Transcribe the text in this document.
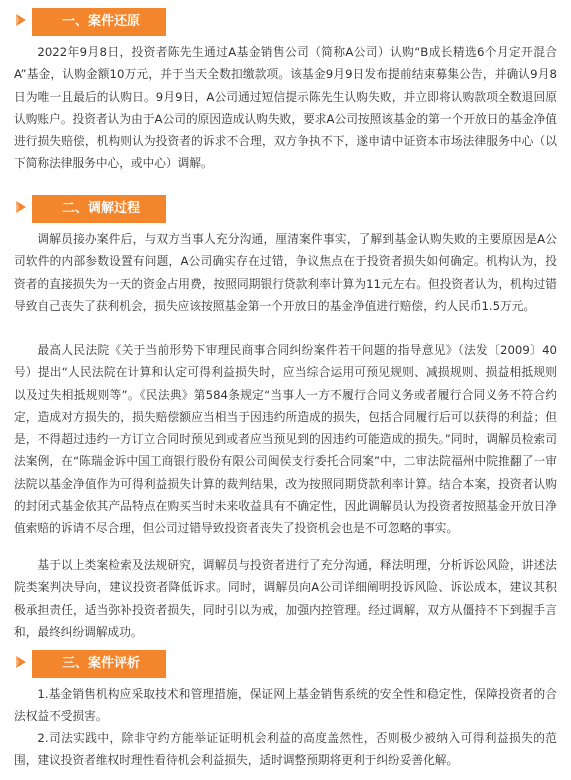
一、案件还原

2022年9月8日，投资者陈先生通过A基金销售公司（简称A公司）认购“B成长精选6个月定开混合A”基金，认购金额10万元，并于当天全数扣缴款项。该基金9月9日发布提前结束募集公告，并确认9月8日为唯一且最后的认购日。9月9日，A公司通过短信提示陈先生认购失败，并立即将认购款项全数退回原认购账户。投资者认为由于A公司的原因造成认购失败，要求A公司按照该基金的第一个开放日的基金净值进行损失赔偿，机构则认为投资者的诉求不合理，双方争执不下，遂申请中证资本市场法律服务中心（以下简称法律服务中心，或中心）调解。

二、调解过程

调解员接办案件后，与双方当事人充分沟通，厘清案件事实，了解到基金认购失败的主要原因是A公司软件的内部参数设置有问题，A公司确实存在过错，争议焦点在于投资者损失如何确定。机构认为，投资者的直接损失为一天的资金占用费，按照同期银行贷款利率计算为11元左右。但投资者认为，机构过错导致自己丧失了获利机会，损失应该按照基金第一个开放日的基金净值进行赔偿，约人民币1.5万元。

最高人民法院《关于当前形势下审理民商事合同纠纷案件若干问题的指导意见》（法发〔2009〕40号）提出“人民法院在计算和认定可得利益损失时，应当综合运用可预见规则、减损规则、损益相抵规则以及过失相抵规则等”。《民法典》第584条规定“当事人一方不履行合同义务或者履行合同义务不符合约定，造成对方损失的，损失赔偿额应当相当于因违约所造成的损失，包括合同履行后可以获得的利益；但是，不得超过违约一方订立合同时预见到或者应当预见到的因违约可能造成的损失。”同时，调解员检索司法案例，在“陈瑞金诉中国工商银行股份有限公司闽侯支行委托合同案”中，二审法院福州中院推翻了一审法院以基金净值作为可得利益损失计算的裁判结果，改为按照同期贷款利率计算。结合本案，投资者认购的封闭式基金依其产品特点在购买当时未来收益具有不确定性，因此调解员认为投资者按照基金开放日净值索赔的诉请不尽合理，但公司过错导致投资者丧失了投资机会也是不可忽略的事实。

基于以上类案检索及法规研究，调解员与投资者进行了充分沟通，释法明理，分析诉讼风险，讲述法院类案判决导向，建议投资者降低诉求。同时，调解员向A公司详细阐明投诉风险、诉讼成本，建议其积极承担责任，适当弥补投资者损失，同时引以为戒，加强内控管理。经过调解，双方从僵持不下到握手言和，最终纠纷调解成功。

三、案件评析

1.基金销售机构应采取技术和管理措施，保证网上基金销售系统的安全性和稳定性，保障投资者的合法权益不受损害。

2.司法实践中，除非守约方能举证证明机会利益的高度盖然性，否则极少被纳入可得利益损失的范围，建议投资者维权时理性看待机会利益损失，适时调整预期将更利于纠纷妥善化解。
